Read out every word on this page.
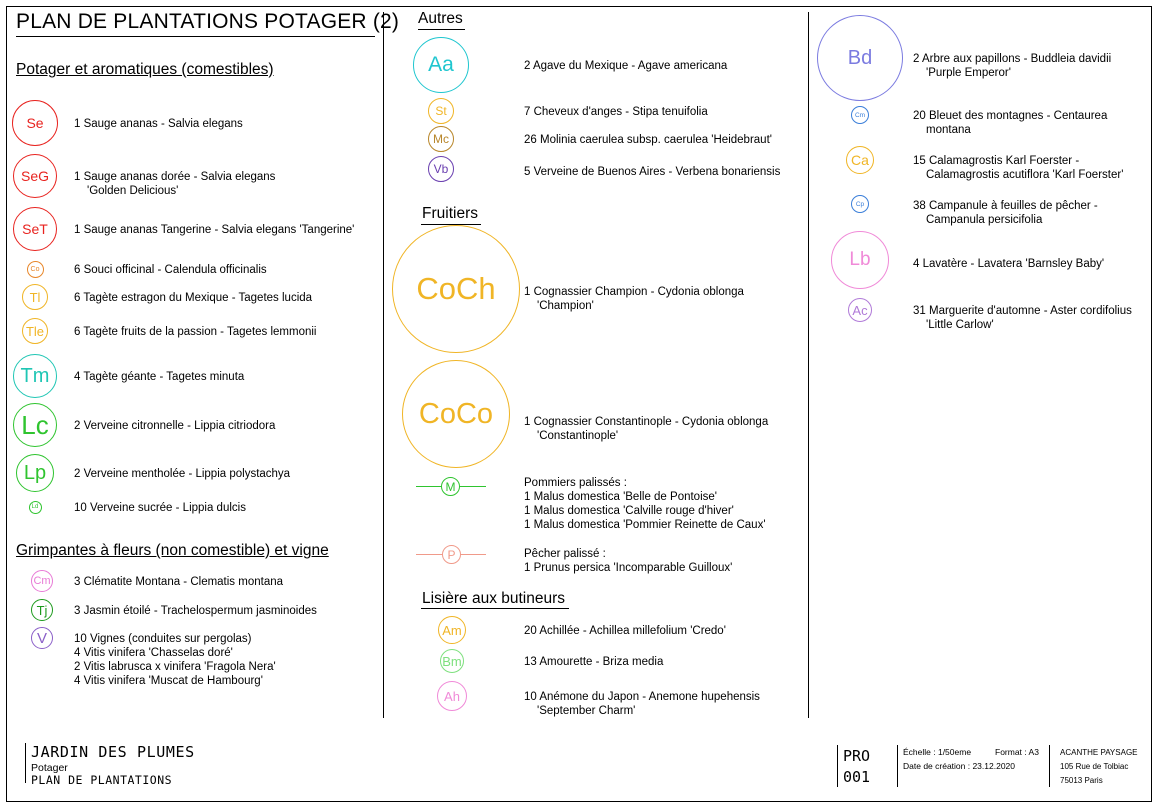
PLAN DE PLANTATIONS POTAGER (2)
Potager et aromatiques (comestibles)
Se	1 Sauge ananas - Salvia elegans
SeG	1 Sauge ananas dorée - Salvia elegans
'Golden Delicious'
SeT	1 Sauge ananas Tangerine - Salvia elegans 'Tangerine'
Co	6 Souci officinal - Calendula officinalis
Tl	6 Tagète estragon du Mexique - Tagetes lucida
Tle	6 Tagète fruits de la passion - Tagetes lemmonii
Tm	4 Tagète géante - Tagetes minuta
Lc	2 Verveine citronnelle - Lippia citriodora
Lp	2 Verveine mentholée - Lippia polystachya
Ld	10 Verveine sucrée - Lippia dulcis
Grimpantes à fleurs (non comestible) et vigne
Cm 3 Clématite Montana - Clematis montana
Tj	3 Jasmin étoilé - Trachelospermum jasminoides
V	10 Vignes (conduites sur pergolas)
4 Vitis vinifera 'Chasselas doré'
2 Vitis labrusca x vinifera 'Fragola Nera'
4 Vitis vinifera 'Muscat de Hambourg'
Autres
Aa	2 Agave du Mexique - Agave americana
St	7 Cheveux d'anges - Stipa tenuifolia
Mc	26 Molinia caerulea subsp. caerulea 'Heidebraut'
Vb	5 Verveine de Buenos Aires - Verbena bonariensis
Fruitiers
CoCh	1 Cognassier Champion - Cydonia oblonga
'Champion'
CoCo	1 Cognassier Constantinople - Cydonia oblonga
'Constantinople'
M	Pommiers palissés :
1 Malus domestica 'Belle de Pontoise'
1 Malus domestica 'Calville rouge d'hiver'
1 Malus domestica 'Pommier Reinette de Caux'
P	Pêcher palissé :
1 Prunus persica 'Incomparable Guilloux'
Lisière aux butineurs
Am	20 Achillée - Achillea millefolium 'Credo'
Bm	13 Amourette - Briza media
Ah	10 Anémone du Japon - Anemone hupehensis
'September Charm'
Bd	2 Arbre aux papillons - Buddleia davidii
'Purple Emperor'
Cm	20 Bleuet des montagnes - Centaurea
montana
Ca	15 Calamagrostis Karl Foerster -
Calamagrostis acutiflora 'Karl Foerster'
Cp	38 Campanule à feuilles de pêcher -
Campanula persicifolia
Lb	4 Lavatère - Lavatera 'Barnsley Baby'
Ac	31 Marguerite d'automne - Aster cordifolius
'Little Carlow'
JARDIN DES PLUMES
Potager
PLAN DE PLANTATIONS
PRO
001
Échelle : 1/50eme	Format : A3
Date de création : 23.12.2020
ACANTHE PAYSAGE
105 Rue de Tolbiac
75013 Paris
